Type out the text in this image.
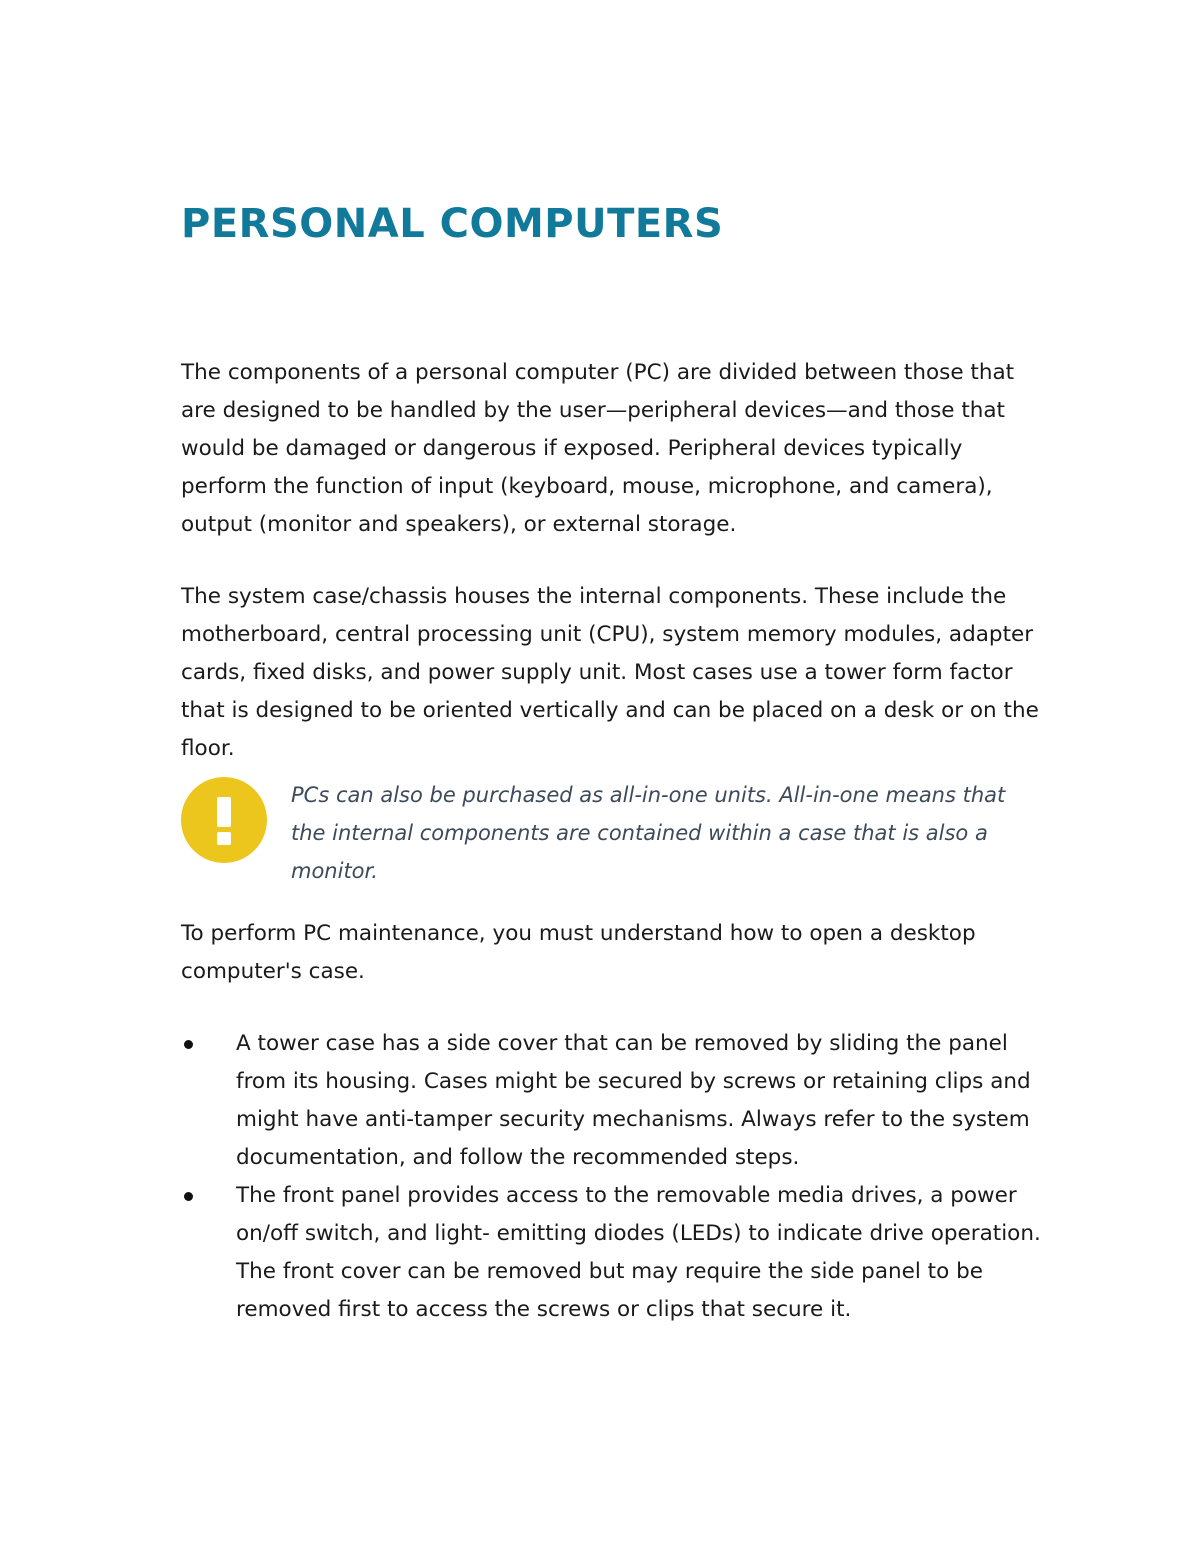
PERSONAL COMPUTERS

The components of a personal computer (PC) are divided between those that are designed to be handled by the user—peripheral devices—and those that would be damaged or dangerous if exposed. Peripheral devices typically perform the function of input (keyboard, mouse, microphone, and camera), output (monitor and speakers), or external storage.

The system case/chassis houses the internal components. These include the motherboard, central processing unit (CPU), system memory modules, adapter cards, fixed disks, and power supply unit. Most cases use a tower form factor that is designed to be oriented vertically and can be placed on a desk or on the floor.

PCs can also be purchased as all-in-one units. All-in-one means that the internal components are contained within a case that is also a monitor.

To perform PC maintenance, you must understand how to open a desktop computer's case.

A tower case has a side cover that can be removed by sliding the panel from its housing. Cases might be secured by screws or retaining clips and might have anti-tamper security mechanisms. Always refer to the system documentation, and follow the recommended steps.
The front panel provides access to the removable media drives, a power on/off switch, and light- emitting diodes (LEDs) to indicate drive operation. The front cover can be removed but may require the side panel to be removed first to access the screws or clips that secure it.
